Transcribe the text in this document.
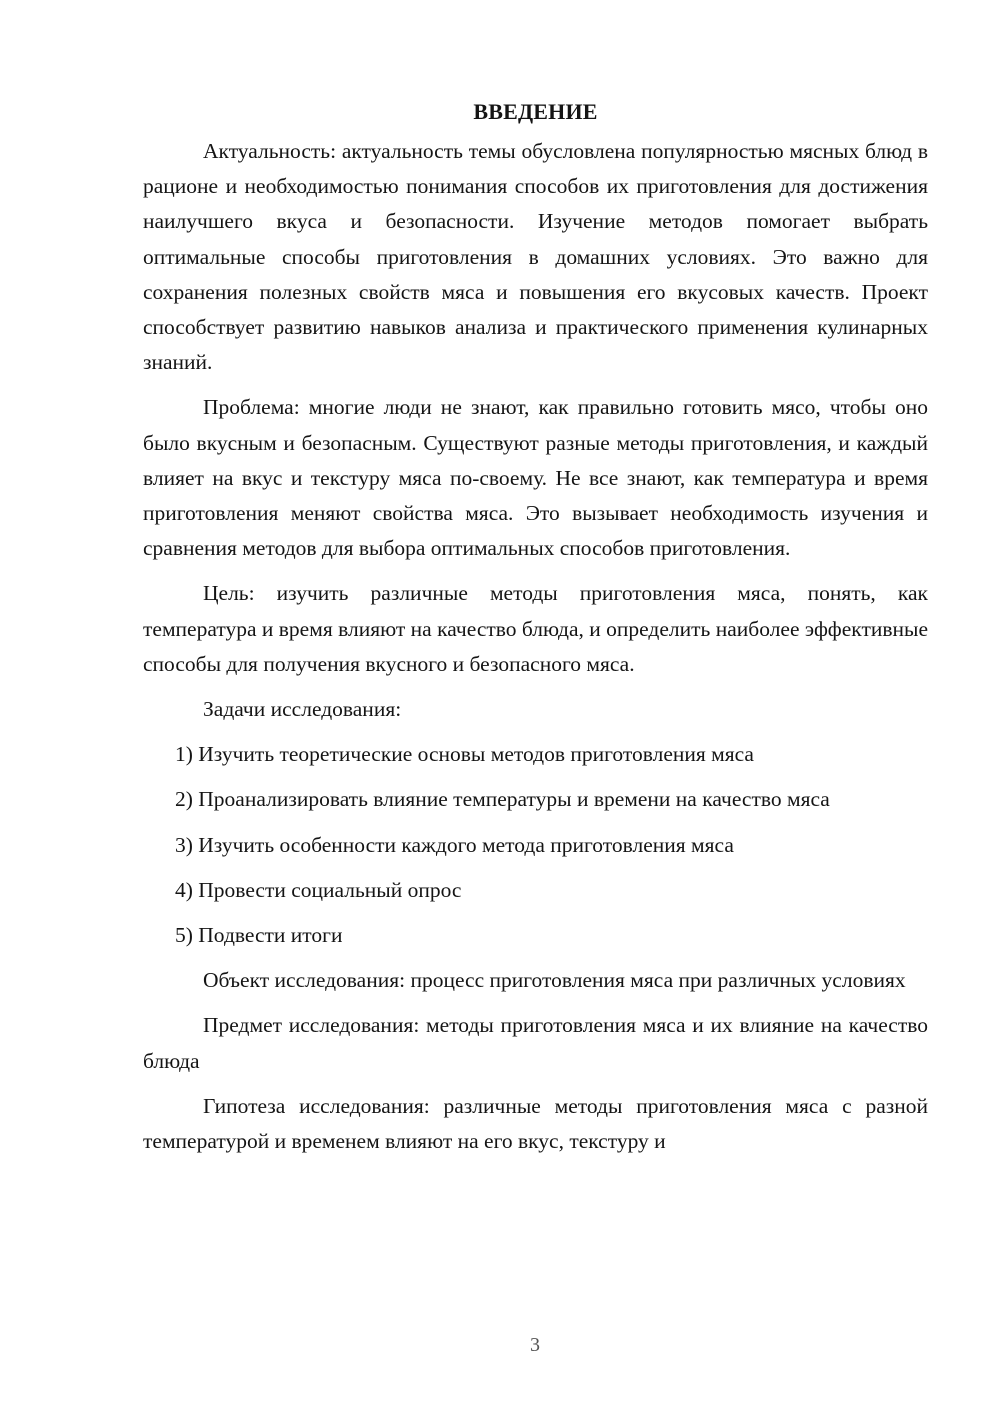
ВВЕДЕНИЕ

Актуальность: актуальность темы обусловлена популярностью мясных блюд в рационе и необходимостью понимания способов их приготовления для достижения наилучшего вкуса и безопасности. Изучение методов помогает выбрать оптимальные способы приготовления в домашних условиях. Это важно для сохранения полезных свойств мяса и повышения его вкусовых качеств. Проект способствует развитию навыков анализа и практического применения кулинарных знаний.

Проблема: многие люди не знают, как правильно готовить мясо, чтобы оно было вкусным и безопасным. Существуют разные методы приготовления, и каждый влияет на вкус и текстуру мяса по-своему. Не все знают, как температура и время приготовления меняют свойства мяса. Это вызывает необходимость изучения и сравнения методов для выбора оптимальных способов приготовления.

Цель: изучить различные методы приготовления мяса, понять, как температура и время влияют на качество блюда, и определить наиболее эффективные способы для получения вкусного и безопасного мяса.

Задачи исследования:

1) Изучить теоретические основы методов приготовления мяса

2) Проанализировать влияние температуры и времени на качество мяса

3) Изучить особенности каждого метода приготовления мяса

4) Провести социальный опрос

5) Подвести итоги

Объект исследования: процесс приготовления мяса при различных условиях

Предмет исследования: методы приготовления мяса и их влияние на качество блюда

Гипотеза исследования: различные методы приготовления мяса с разной температурой и временем влияют на его вкус, текстуру и

3
